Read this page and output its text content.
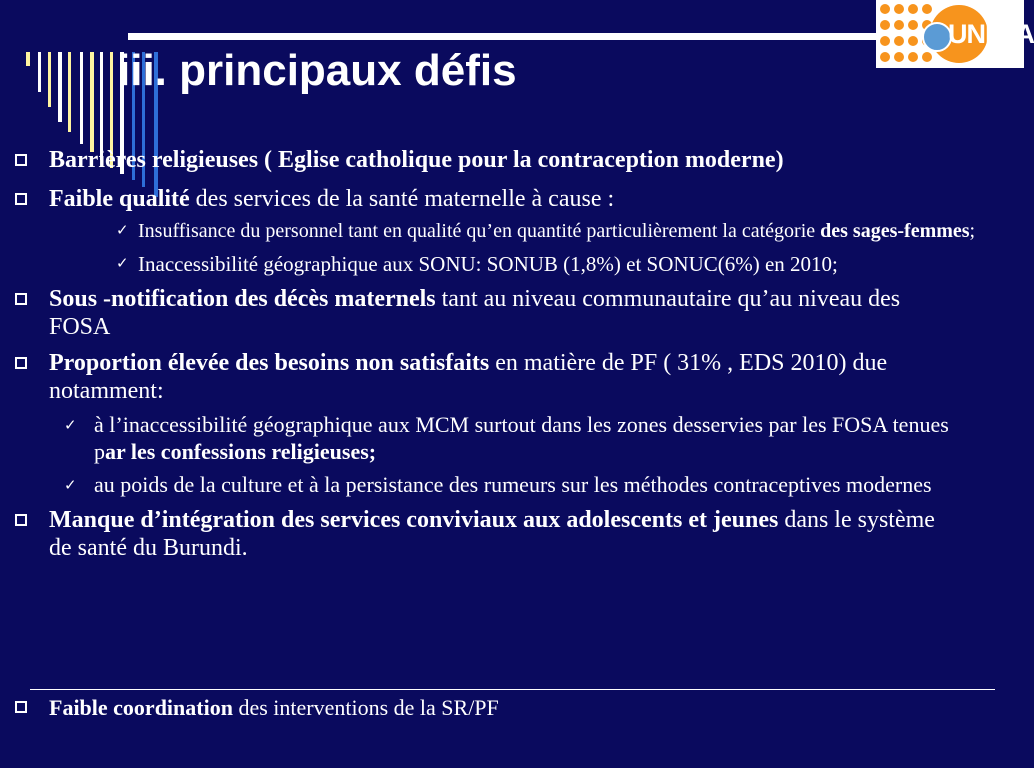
iii. principaux défis
UNFPA
Barrières religieuses ( Eglise catholique pour la contraception moderne)
Faible qualité des services de la santé maternelle à cause :
✓ Insuffisance du personnel tant en qualité qu’en quantité particulièrement la catégorie des sages-femmes;
✓ Inaccessibilité géographique aux SONU: SONUB (1,8%) et SONUC(6%) en 2010;
Sous -notification des décès maternels tant au niveau communautaire qu’au niveau des FOSA
Proportion élevée des besoins non satisfaits en matière de PF ( 31% , EDS 2010) due notamment:
✓ à l’inaccessibilité géographique aux MCM surtout dans les zones desservies par les FOSA tenues par les confessions religieuses;
✓ au poids de la culture et à la persistance des rumeurs sur les méthodes contraceptives modernes
Manque d’intégration des services conviviaux aux adolescents et jeunes dans le système de santé du Burundi.
Faible coordination des interventions de la SR/PF
